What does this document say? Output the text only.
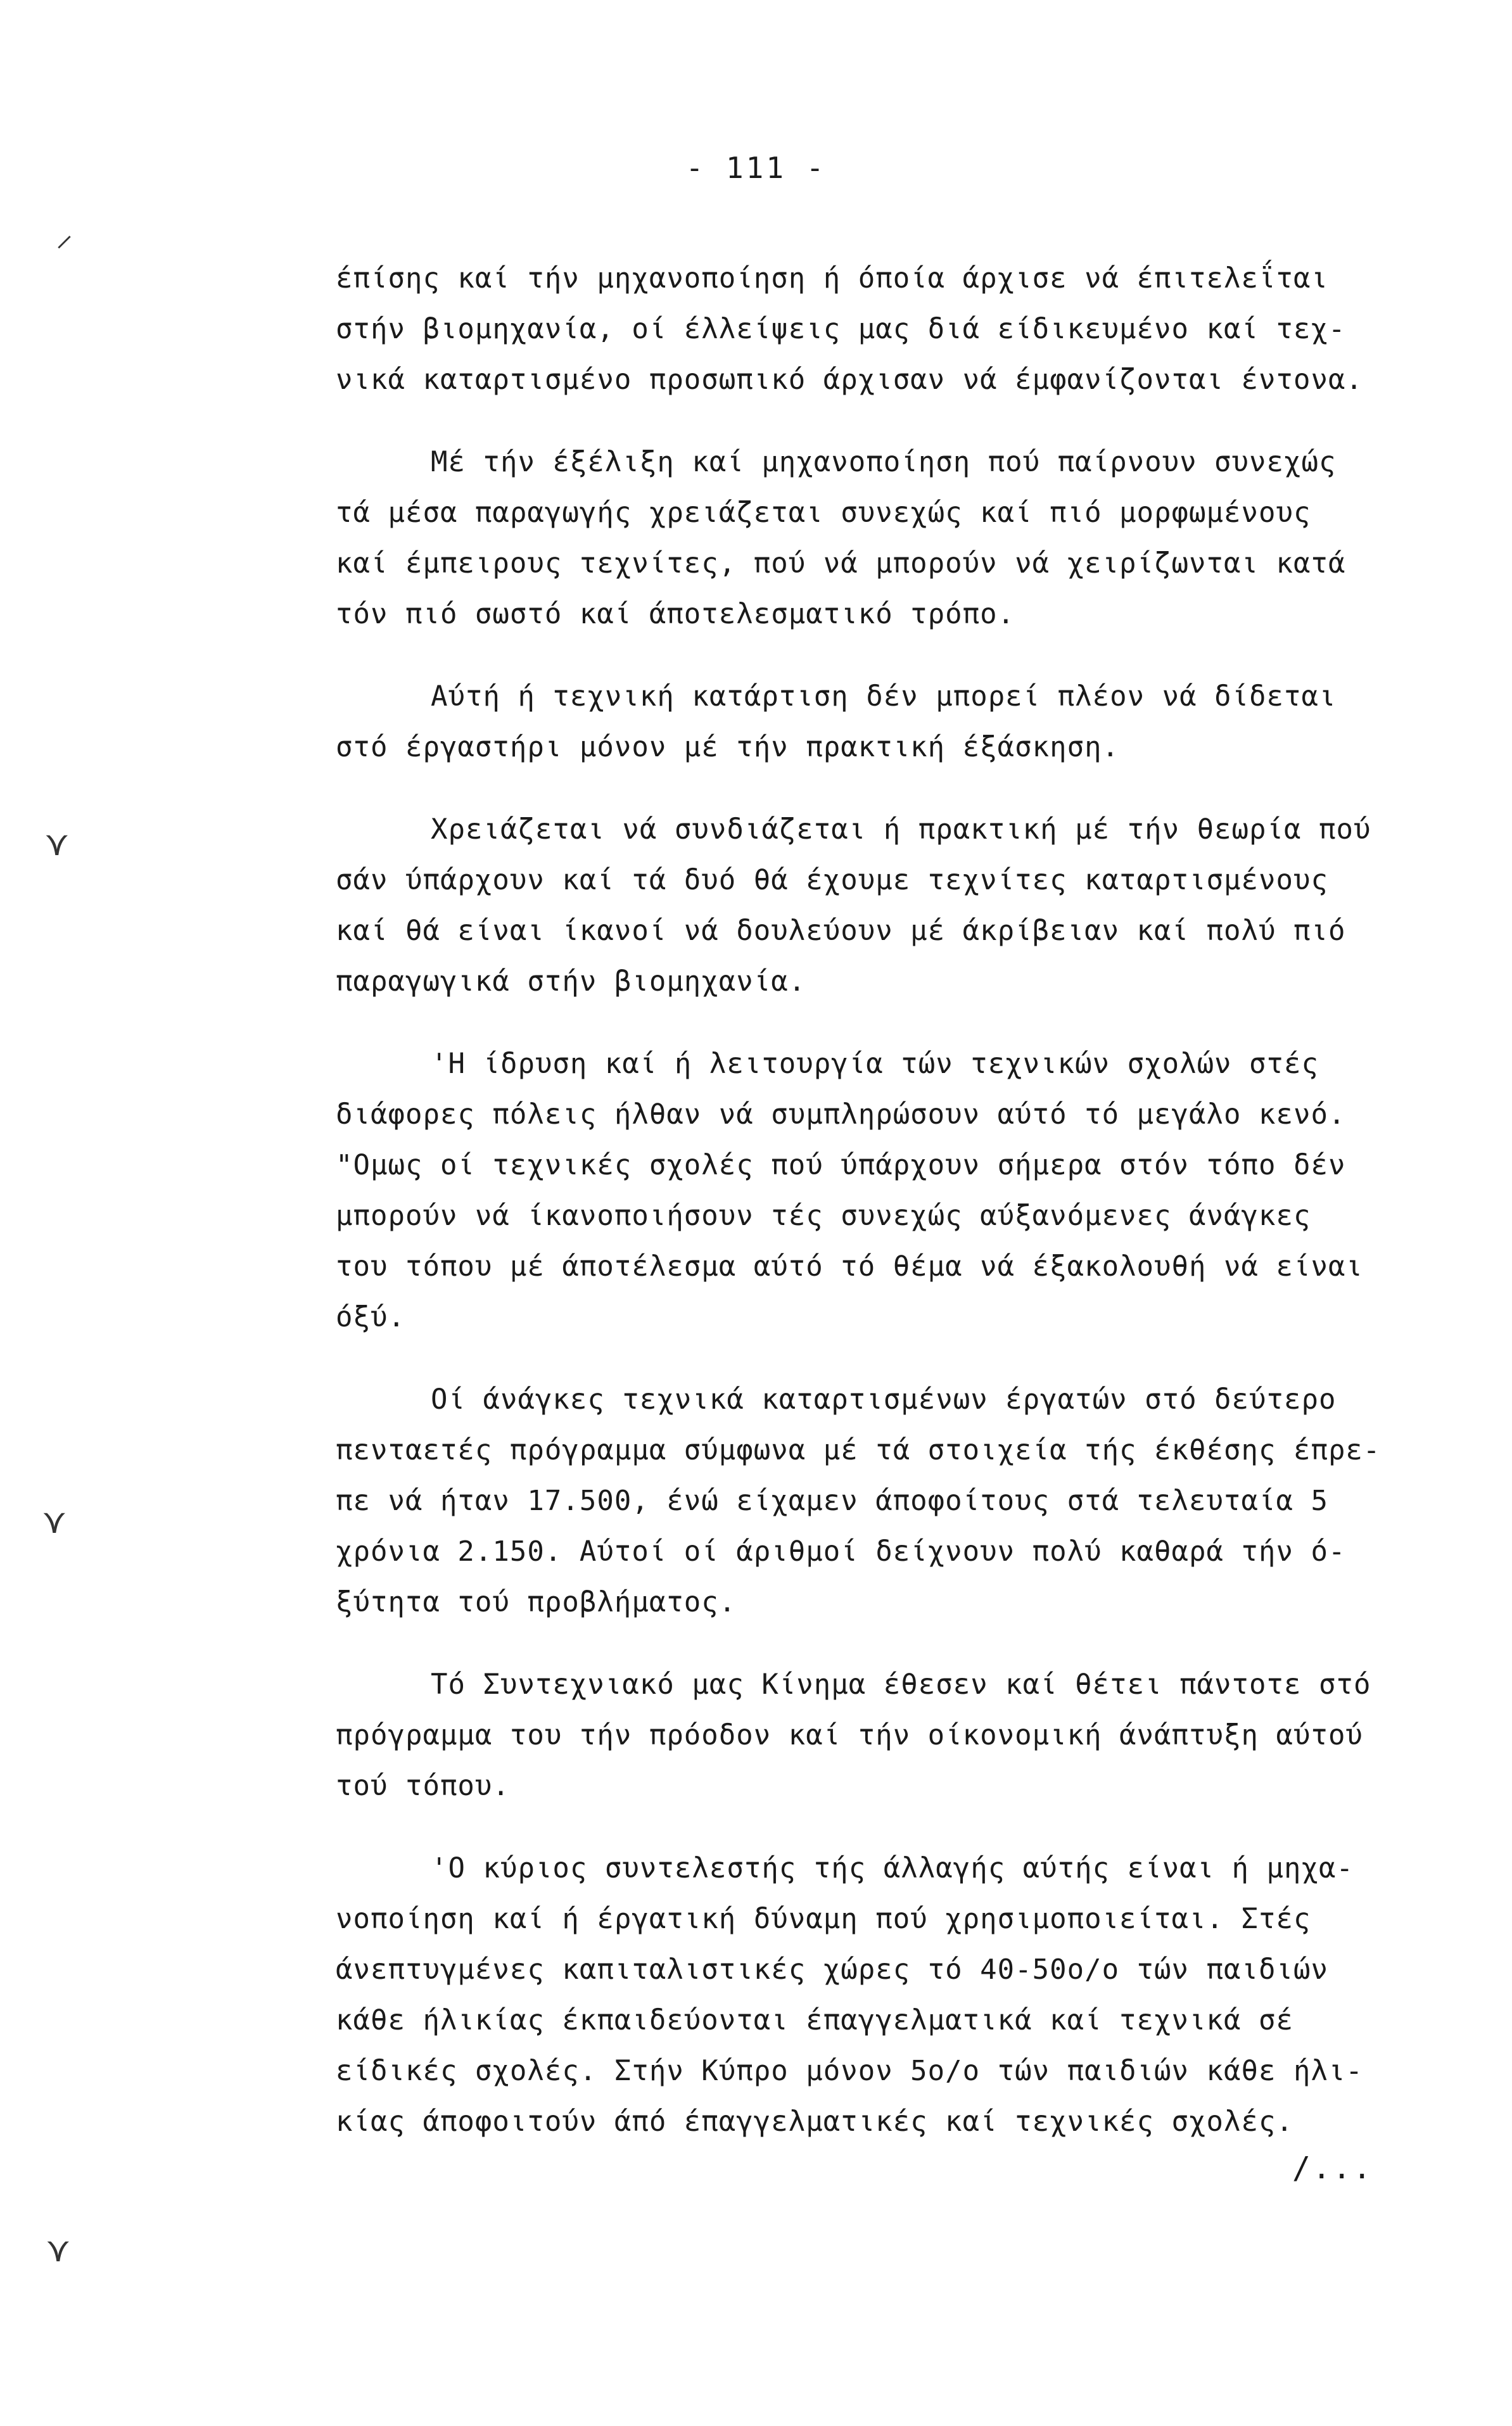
- 111 -
⸝
⋎
⋎
⋎
έπίσης καί τήν μηχανοποίηση ή όποία άρχισε νά έπιτελεΐται
στήν βιομηχανία, οί έλλείψεις μας διά είδικευμένο καί τεχ-
νικά καταρτισμένο προσωπικό άρχισαν νά έμφανίζονται έντονα.
Μέ τήν έξέλιξη καί μηχανοποίηση πού παίρνουν συνεχώς
τά μέσα παραγωγής χρειάζεται συνεχώς καί πιό μορφωμένους
καί έμπειρους τεχνίτες, πού νά μπορούν νά χειρίζωνται κατά
τόν πιό σωστό καί άποτελεσματικό τρόπο.
Αύτή ή τεχνική κατάρτιση δέν μπορεί πλέον νά δίδεται
στό έργαστήρι μόνον μέ τήν πρακτική έξάσκηση.
Χρειάζεται νά συνδιάζεται ή πρακτική μέ τήν θεωρία πού
σάν ύπάρχουν καί τά δυό θά έχουμε τεχνίτες καταρτισμένους
καί θά είναι ίκανοί νά δουλεύουν μέ άκρίβειαν καί πολύ πιό
παραγωγικά στήν βιομηχανία.
'Η ίδρυση καί ή λειτουργία τών τεχνικών σχολών στές
διάφορες πόλεις ήλθαν νά συμπληρώσουν αύτό τό μεγάλο κενό.
"Ομως οί τεχνικές σχολές πού ύπάρχουν σήμερα στόν τόπο δέν
μπορούν νά ίκανοποιήσουν τές συνεχώς αύξανόμενες άνάγκες
του τόπου μέ άποτέλεσμα αύτό τό θέμα νά έξακολουθή νά είναι
όξύ.
Οί άνάγκες τεχνικά καταρτισμένων έργατών στό δεύτερο
πενταετές πρόγραμμα σύμφωνα μέ τά στοιχεία τής έκθέσης έπρε-
πε νά ήταν 17.500, ένώ είχαμεν άποφοίτους στά τελευταία 5
χρόνια 2.150. Αύτοί οί άριθμοί δείχνουν πολύ καθαρά τήν ό-
ξύτητα τού προβλήματος.
Τό Συντεχνιακό μας Κίνημα έθεσεν καί θέτει πάντοτε στό
πρόγραμμα του τήν πρόοδον καί τήν οίκονομική άνάπτυξη αύτού
τού τόπου.
'Ο κύριος συντελεστής τής άλλαγής αύτής είναι ή μηχα-
νοποίηση καί ή έργατική δύναμη πού χρησιμοποιείται. Στές
άνεπτυγμένες καπιταλιστικές χώρες τό 40-50ο/ο τών παιδιών
κάθε ήλικίας έκπαιδεύονται έπαγγελματικά καί τεχνικά σέ
είδικές σχολές. Στήν Κύπρο μόνον 5ο/ο τών παιδιών κάθε ήλι-
κίας άποφοιτούν άπό έπαγγελματικές καί τεχνικές σχολές.
/...
